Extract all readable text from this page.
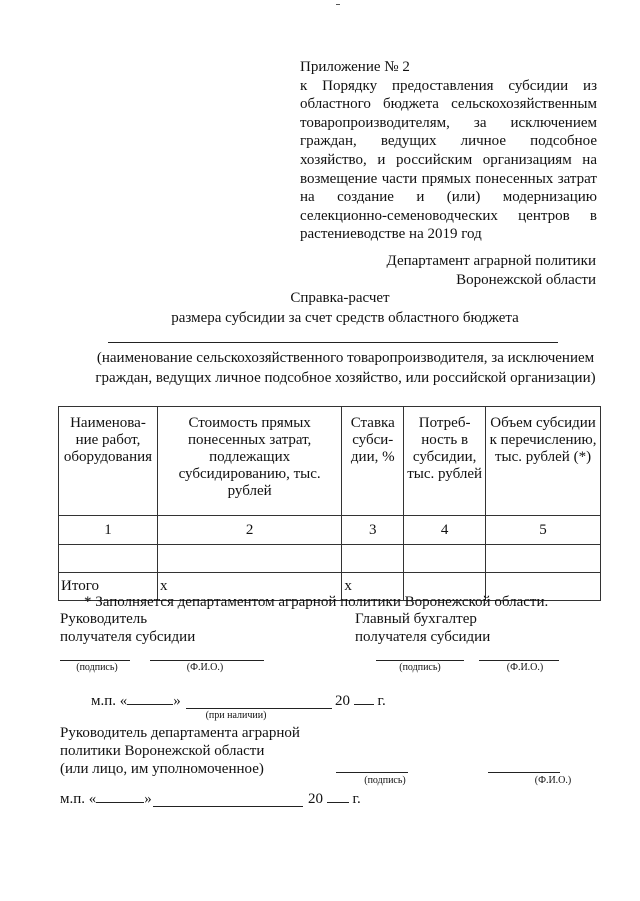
Приложение № 2
к Порядку предоставления субсидии из областного бюджета сельскохозяйственным товаропроизводителям, за исключением граждан, ведущих личное подсобное хозяйство, и российским организациям на возмещение части прямых понесенных затрат на создание и (или) модернизацию селекционно-семеноводческих центров в растениеводстве на 2019 год
Департамент аграрной политики
Воронежской области
Справка-расчет
размера субсидии за счет средств областного бюджета
(наименование сельскохозяйственного товаропроизводителя, за исключением граждан, ведущих личное подсобное хозяйство, или российской организации)
Наименова-ние работ, оборудования	Стоимость прямых понесенных затрат, подлежащих субсидированию, тыс. рублей	Ставка субси-дии, %	Потреб-ность в субсидии, тыс. рублей	Объем субсидии к перечислению, тыс. рублей (*)
1	2	3	4	5

Итого	х	х		
* Заполняется департаментом аграрной политики Воронежской области.
Руководитель
получателя субсидии
Главный бухгалтер
получателя субсидии
(подпись)	(Ф.И.О.)	(подпись)	(Ф.И.О.)
м.п. «	»	20 г.
(при наличии)
Руководитель департамента аграрной
политики Воронежской области
(или лицо, им уполномоченное)
(подпись)	(Ф.И.О.)
м.п. «	»	20 г.
